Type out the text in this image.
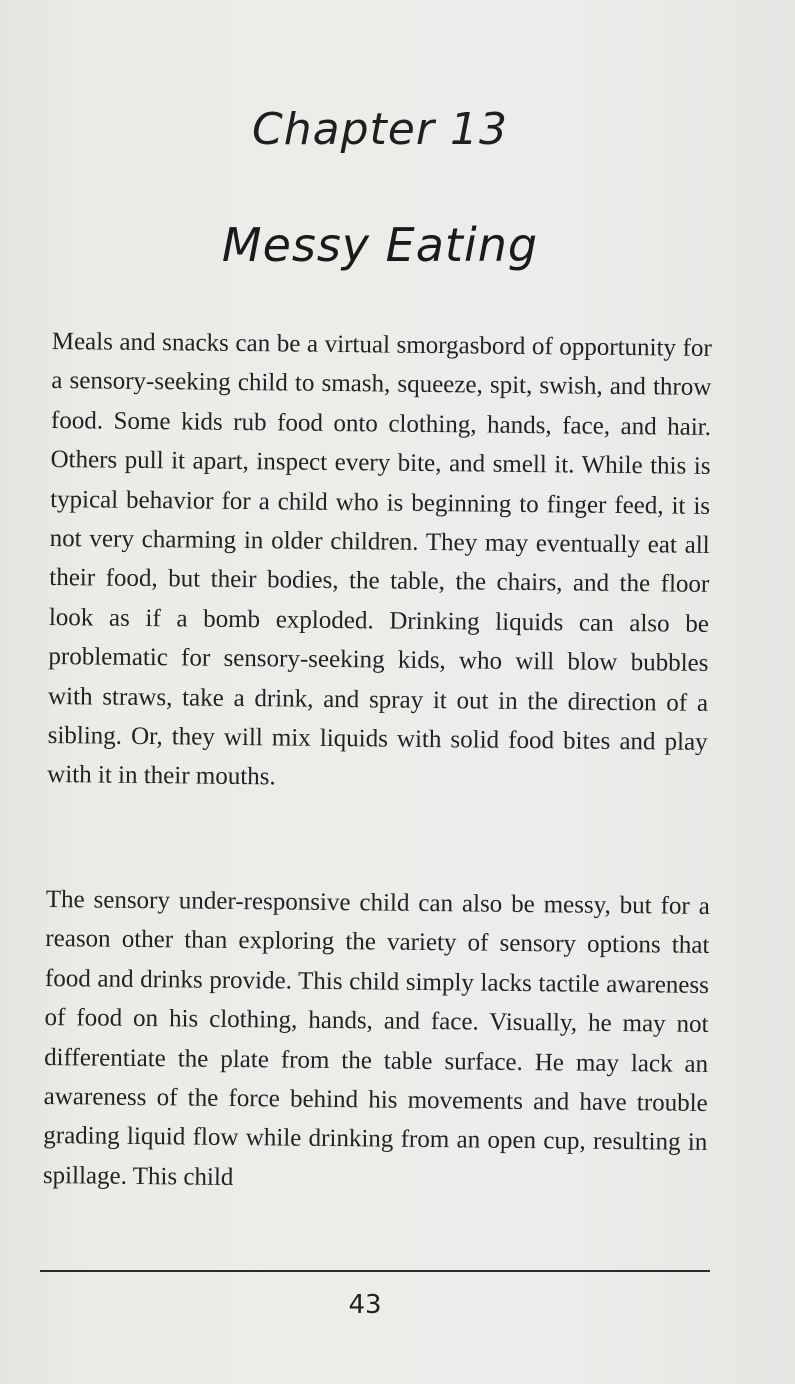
Chapter 13
Messy Eating
Meals and snacks can be a virtual smorgasbord of opportunity for a sensory-seeking child to smash, squeeze, spit, swish, and throw food. Some kids rub food onto clothing, hands, face, and hair. Others pull it apart, inspect every bite, and smell it. While this is typical behavior for a child who is beginning to finger feed, it is not very charming in older children. They may eventually eat all their food, but their bodies, the table, the chairs, and the floor look as if a bomb exploded. Drinking liquids can also be problematic for sensory-seeking kids, who will blow bubbles with straws, take a drink, and spray it out in the direction of a sibling. Or, they will mix liquids with solid food bites and play with it in their mouths.
The sensory under-responsive child can also be messy, but for a reason other than exploring the variety of sensory options that food and drinks provide. This child simply lacks tactile awareness of food on his clothing, hands, and face. Visually, he may not differentiate the plate from the table surface. He may lack an awareness of the force behind his movements and have trouble grading liquid flow while drinking from an open cup, resulting in spillage. This child
43
